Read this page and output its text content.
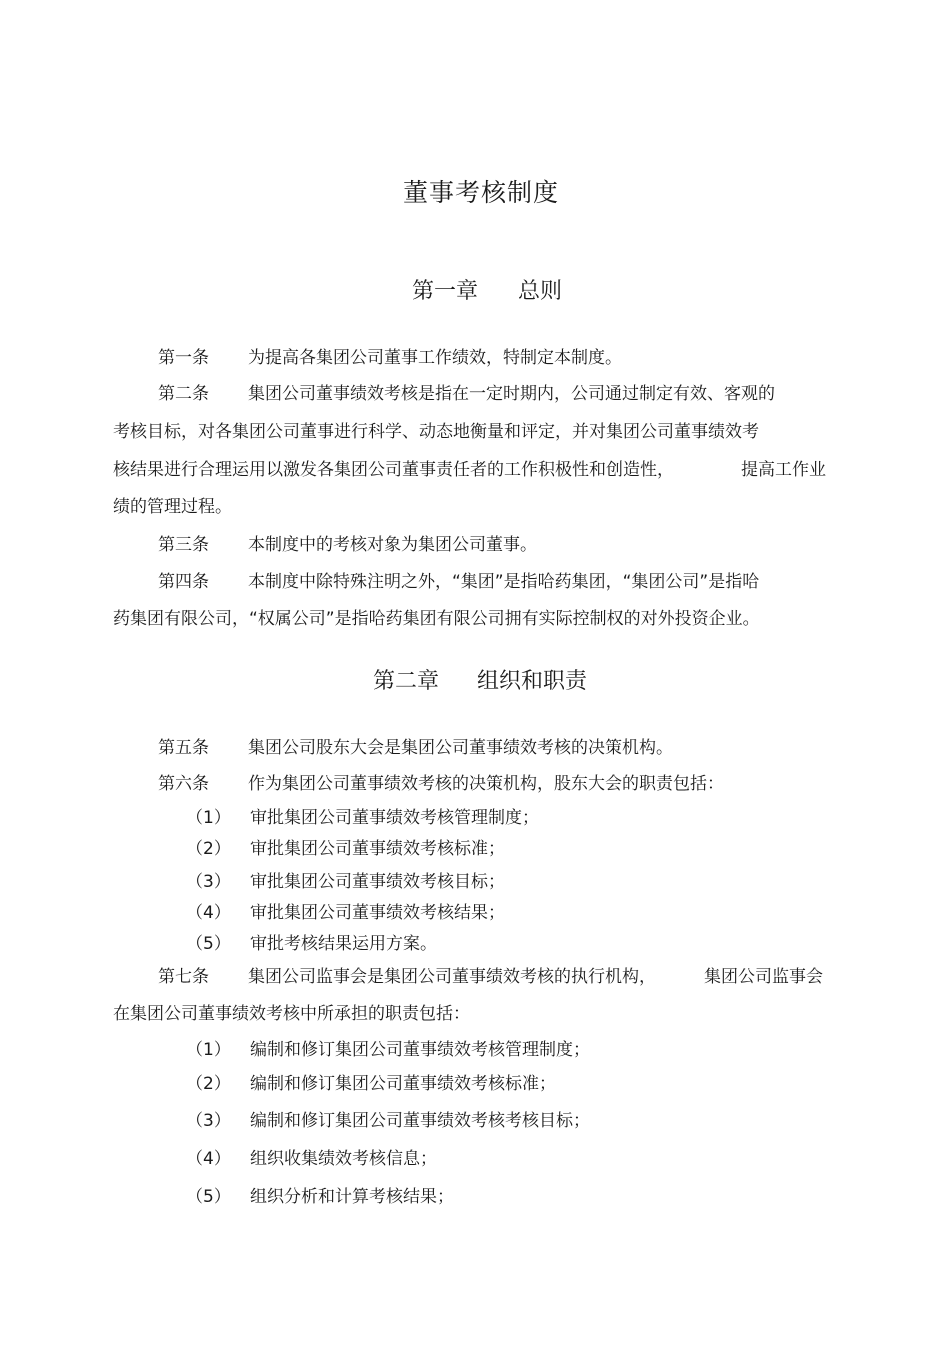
董事考核制度
第一章 总则
第一条 为提高各集团公司董事工作绩效，特制定本制度。
第二条 集团公司董事绩效考核是指在一定时期内，公司通过制定有效、客观的
考核目标，对各集团公司董事进行科学、动态地衡量和评定，并对集团公司董事绩效考
核结果进行合理运用以激发各集团公司董事责任者的工作积极性和创造性，	提高工作业
绩的管理过程。
第三条 本制度中的考核对象为集团公司董事。
第四条 本制度中除特殊注明之外，“集团”是指哈药集团，“集团公司”是指哈
药集团有限公司，“权属公司”是指哈药集团有限公司拥有实际控制权的对外投资企业。
第二章 组织和职责
第五条 集团公司股东大会是集团公司董事绩效考核的决策机构。
第六条 作为集团公司董事绩效考核的决策机构，股东大会的职责包括：
（1） 审批集团公司董事绩效考核管理制度；
（2） 审批集团公司董事绩效考核标准；
（3） 审批集团公司董事绩效考核目标；
（4） 审批集团公司董事绩效考核结果；
（5） 审批考核结果运用方案。
第七条 集团公司监事会是集团公司董事绩效考核的执行机构，	集团公司监事会
在集团公司董事绩效考核中所承担的职责包括：
（1） 编制和修订集团公司董事绩效考核管理制度；
（2） 编制和修订集团公司董事绩效考核标准；
（3） 编制和修订集团公司董事绩效考核考核目标；
（4） 组织收集绩效考核信息；
（5） 组织分析和计算考核结果；
